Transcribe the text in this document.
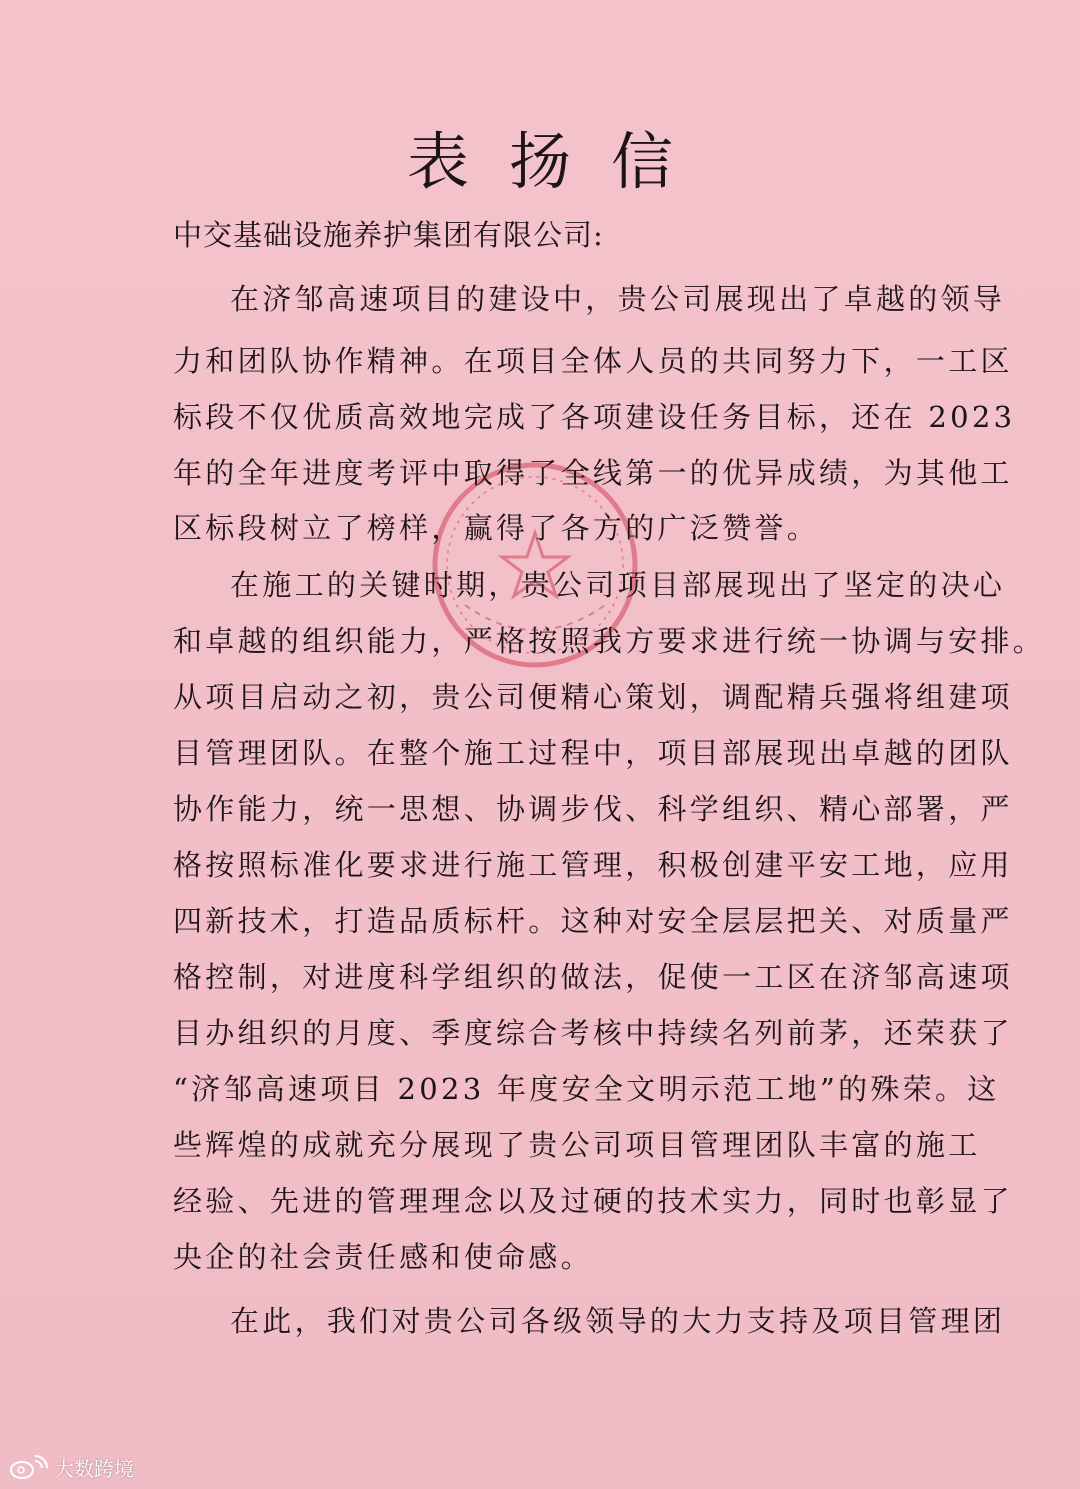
表扬信
中交基础设施养护集团有限公司:
在济邹高速项目的建设中，贵公司展现出了卓越的领导
力和团队协作精神。在项目全体人员的共同努力下，一工区
标段不仅优质高效地完成了各项建设任务目标，还在 2023
年的全年进度考评中取得了全线第一的优异成绩，为其他工
区标段树立了榜样，赢得了各方的广泛赞誉。
在施工的关键时期，贵公司项目部展现出了坚定的决心
和卓越的组织能力，严格按照我方要求进行统一协调与安排。
从项目启动之初，贵公司便精心策划，调配精兵强将组建项
目管理团队。在整个施工过程中，项目部展现出卓越的团队
协作能力，统一思想、协调步伐、科学组织、精心部署，严
格按照标准化要求进行施工管理，积极创建平安工地，应用
四新技术，打造品质标杆。这种对安全层层把关、对质量严
格控制，对进度科学组织的做法，促使一工区在济邹高速项
目办组织的月度、季度综合考核中持续名列前茅，还荣获了
“济邹高速项目 2023 年度安全文明示范工地”的殊荣。这
些辉煌的成就充分展现了贵公司项目管理团队丰富的施工
经验、先进的管理理念以及过硬的技术实力，同时也彰显了
央企的社会责任感和使命感。
在此，我们对贵公司各级领导的大力支持及项目管理团
大数跨境
